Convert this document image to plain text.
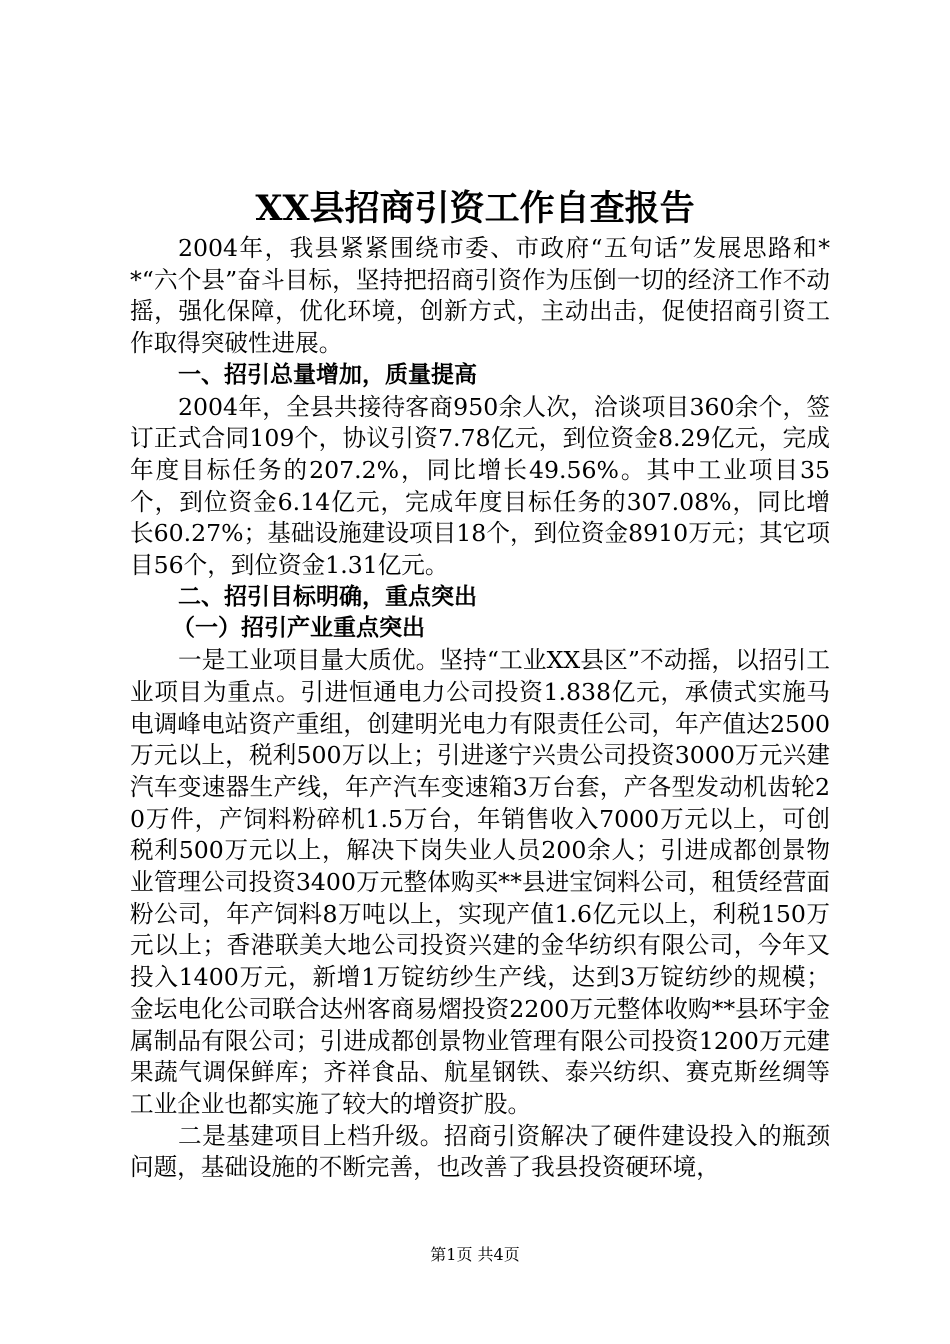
XX县招商引资工作自查报告

2004年，我县紧紧围绕市委、市政府“五句话”发展思路和**“六个县”奋斗目标，坚持把招商引资作为压倒一切的经济工作不动摇，强化保障，优化环境，创新方式，主动出击，促使招商引资工作取得突破性进展。

一、招引总量增加，质量提高

2004年，全县共接待客商950余人次，洽谈项目360余个，签订正式合同109个，协议引资7.78亿元，到位资金8.29亿元，完成年度目标任务的207.2%，同比增长49.56%。其中工业项目35个，到位资金6.14亿元，完成年度目标任务的307.08%，同比增长60.27%；基础设施建设项目18个，到位资金8910万元；其它项目56个，到位资金1.31亿元。

二、招引目标明确，重点突出

（一）招引产业重点突出

一是工业项目量大质优。坚持“工业XX县区”不动摇，以招引工业项目为重点。引进恒通电力公司投资1.838亿元，承债式实施马电调峰电站资产重组，创建明光电力有限责任公司，年产值达2500万元以上，税利500万以上；引进遂宁兴贵公司投资3000万元兴建汽车变速器生产线，年产汽车变速箱3万台套，产各型发动机齿轮20万件，产饲料粉碎机1.5万台，年销售收入7000万元以上，可创税利500万元以上，解决下岗失业人员200余人；引进成都创景物业管理公司投资3400万元整体购买**县进宝饲料公司，租赁经营面粉公司，年产饲料8万吨以上，实现产值1.6亿元以上，利税150万元以上；香港联美大地公司投资兴建的金华纺织有限公司，今年又投入1400万元，新增1万锭纺纱生产线，达到3万锭纺纱的规模；金坛电化公司联合达州客商易熠投资2200万元整体收购**县环宇金属制品有限公司；引进成都创景物业管理有限公司投资1200万元建果蔬气调保鲜库；齐祥食品、航星钢铁、泰兴纺织、赛克斯丝绸等工业企业也都实施了较大的增资扩股。

二是基建项目上档升级。招商引资解决了硬件建设投入的瓶颈问题，基础设施的不断完善，也改善了我县投资硬环境，

第1页 共4页
